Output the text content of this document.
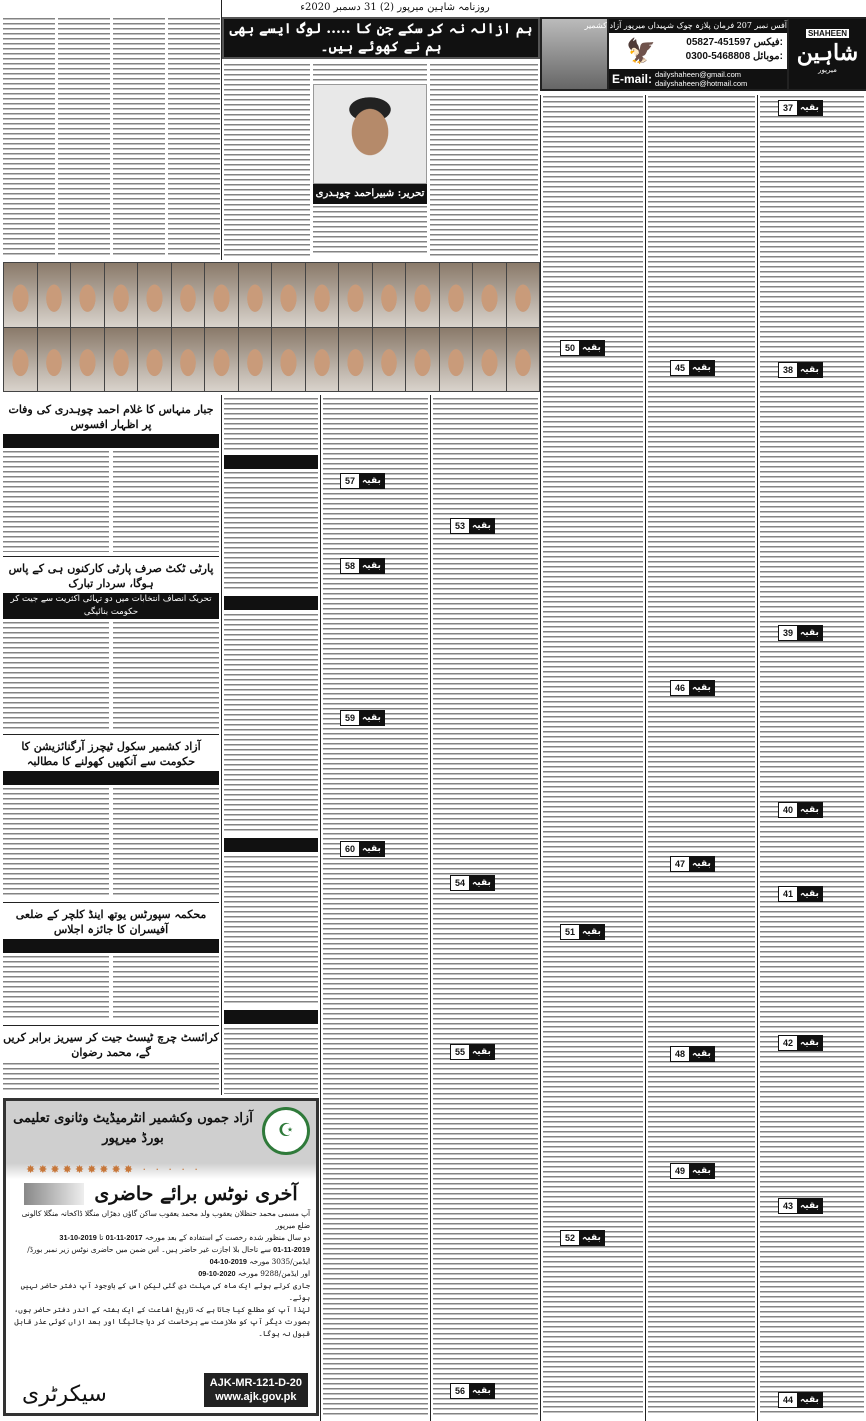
روزنامہ شاہین میرپور (2) 31 دسمبر 2020ء
آفس نمبر 207 فرمان پلازہ چوک شہیداں میرپور آزاد کشمیر
🦅	05827-451597 فیکس:
0300-5468808 موبائل:
E-mail: dailyshaheen@gmail.com
dailyshaheen@hotmail.com
SHAHEEN
شاہین
میرپور
تحریر: شبیراحمد چوہدری
ہم ازالہ نہ کر سکے جن کا ..... لوگ ایسے بھی ہم نے کھوئے ہیں۔
جبار منہاس کا غلام احمد چوہدری کی وفات پر اظہار افسوس
پارٹی ٹکٹ صرف پارٹی کارکنوں ہی کے پاس ہوگا، سردار تبارک
تحریک انصاف انتخابات میں دو تہائی اکثریت سے جیت کر حکومت بنائیگی
آزاد کشمیر سکول ٹیچرز آرگنائزیشن کا حکومت سے آنکھیں کھولنے کا مطالبہ
محکمہ سپورٹس یوتھ اینڈ کلچر کے ضلعی آفیسران کا جائزہ اجلاس
کرائسٹ چرچ ٹیسٹ جیت کر سیریز برابر کریں گے، محمد رضوان
☪
آزاد جموں وکشمیر انٹرمیڈیٹ وثانوی تعلیمی بورڈ میرپور
✸✸✸✸✸✸✸✸✸ · · · · ·
آخری نوٹس برائے حاضری
آپ مسمی محمد حنظلان یعقوب ولد محمد یعقوب ساکن گاؤں دھڑاں منگلا ڈاکخانہ منگلا کالونی ضلع میرپور
دو سال منظور شدہ رخصت کے استفادہ کے بعد مورخہ 01-11-2017 تا 31-10-2019
01-11-2019 سے تاحال بلا اجازت غیر حاضر ہیں۔ اس ضمن میں حاضری نوٹس زیر نمبر بورڈ/ایڈمن/3035 مورخہ 04-10-2019
اور ایڈمن/9288 مورخہ 09-10-2020
جاری کرتے ہوئے ایک ماہ کی مہلت دی گئی لیکن اس کے باوجود آپ دفتر حاضر نہیں ہوئے۔
لہٰذا آپ کو مطلع کیا جاتا ہے کہ تاریخ اشاعت کے ایک ہفتہ کے اندر دفتر حاضر ہوں، بصورت دیگر آپ کو ملازمت سے برخاست کر دیا جائیگا اور بعد ازاں کوئی عذر قابل قبول نہ ہوگا۔
سیکرٹری	AJK-MR-121-D-20
www.ajk.gov.pk
بقیہ
37
بقیہ
38
بقیہ
39
بقیہ
40
بقیہ
41
بقیہ
42
بقیہ
43
بقیہ
44
بقیہ
45
بقیہ
46
بقیہ
47
بقیہ
48
بقیہ
49
بقیہ
50
بقیہ
51
بقیہ
52
بقیہ
53
بقیہ
54
بقیہ
55
بقیہ
56
بقیہ
57
بقیہ
58
بقیہ
59
بقیہ
60
